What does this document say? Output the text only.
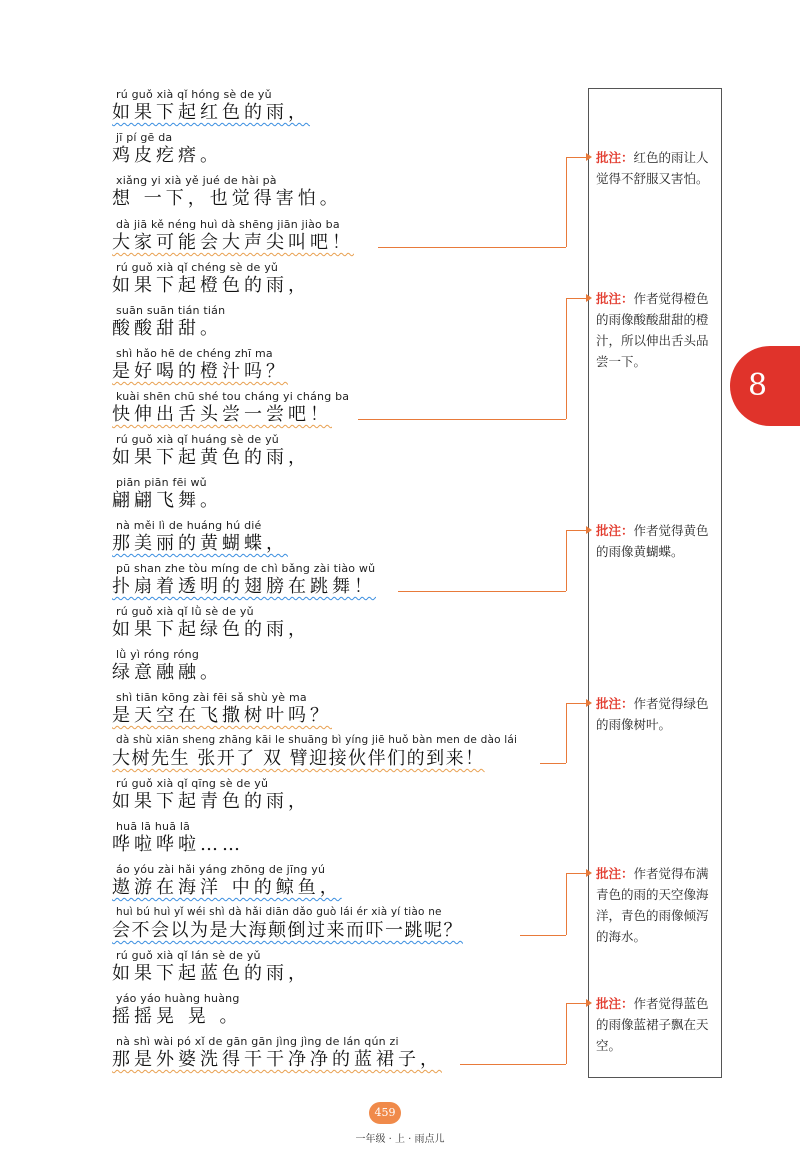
rú guǒ xià qǐ hóng sè de yǔ
如果下起红色的雨，
jī pí gē da
鸡皮疙瘩。
xiǎng yi xià yě jué de hài pà
想 一下，也觉得害怕。
dà jiā kě néng huì dà shēng jiān jiào ba
大家可能会大声尖叫吧！
rú guǒ xià qǐ chéng sè de yǔ
如果下起橙色的雨，
suān suān tián tián
酸酸甜甜。
shì hǎo hē de chéng zhī ma
是好喝的橙汁吗？
kuài shēn chū shé tou cháng yi cháng ba
快伸出舌头尝一尝吧！
rú guǒ xià qǐ huáng sè de yǔ
如果下起黄色的雨，
piān piān fēi wǔ
翩翩飞舞。
nà měi lì de huáng hú dié
那美丽的黄蝴蝶，
pū shan zhe tòu míng de chì bǎng zài tiào wǔ
扑扇着透明的翅膀在跳舞！
rú guǒ xià qǐ lǜ sè de yǔ
如果下起绿色的雨，
lǜ yì róng róng
绿意融融。
shì tiān kōng zài fēi sǎ shù yè ma
是天空在飞撒树叶吗？
dà shù xiān sheng zhāng kāi le shuāng bì yíng jiē huǒ bàn men de dào lái
大树先生 张开了 双 臂迎接伙伴们的到来！
rú guǒ xià qǐ qīng sè de yǔ
如果下起青色的雨，
huā lā huā lā
哗啦哗啦……
áo yóu zài hǎi yáng zhōng de jīng yú
遨游在海洋 中的鲸鱼，
huì bú huì yǐ wéi shì dà hǎi diān dǎo guò lái ér xià yí tiào ne
会不会以为是大海颠倒过来而吓一跳呢？
rú guǒ xià qǐ lán sè de yǔ
如果下起蓝色的雨，
yáo yáo huàng huàng
摇摇晃 晃 。
nà shì wài pó xǐ de gān gān jìng jìng de lán qún zi
那是外婆洗得干干净净的蓝裙子，
批注：红色的雨让人觉得不舒服又害怕。
批注：作者觉得橙色的雨像酸酸甜甜的橙汁，所以伸出舌头品尝一下。
批注：作者觉得黄色的雨像黄蝴蝶。
批注：作者觉得绿色的雨像树叶。
批注：作者觉得布满青色的雨的天空像海洋，青色的雨像倾泻的海水。
批注：作者觉得蓝色的雨像蓝裙子飘在天空。
8
459
一年级 · 上 · 雨点儿
